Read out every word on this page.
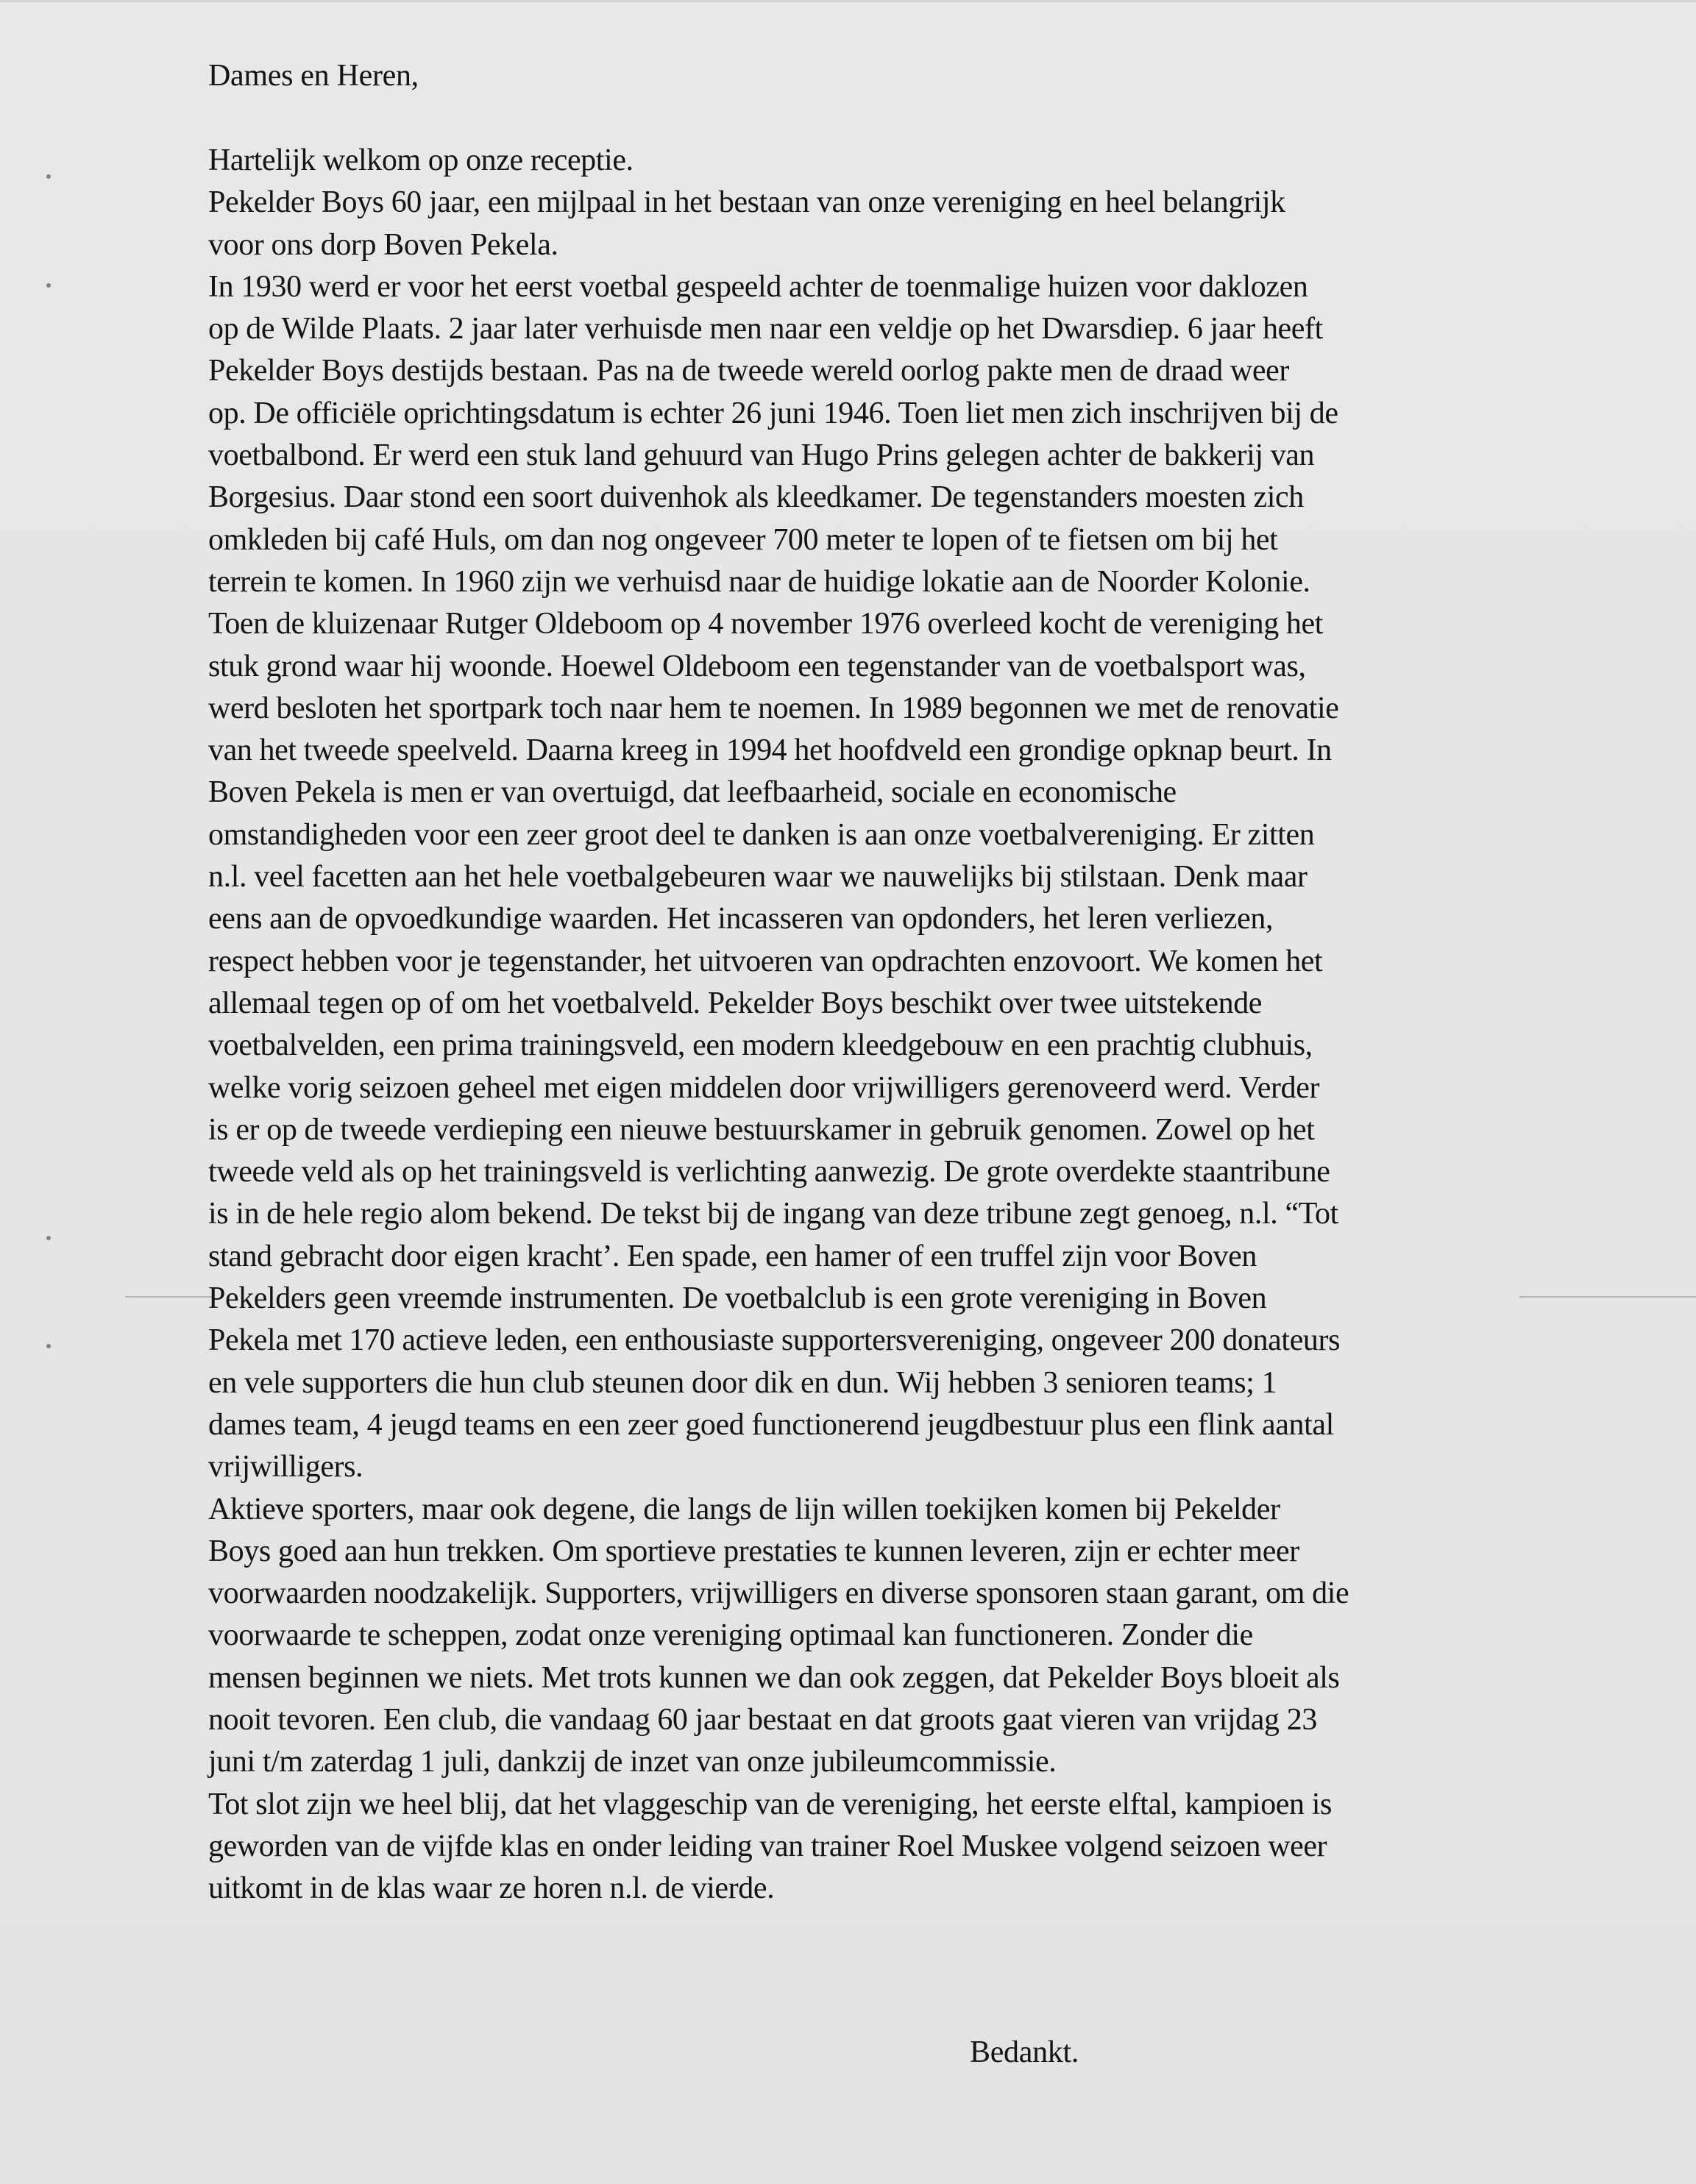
Dames en Heren,
Hartelijk welkom op onze receptie.
Pekelder Boys 60 jaar, een mijlpaal in het bestaan van onze vereniging en heel belangrijk
voor ons dorp Boven Pekela.
In 1930 werd er voor het eerst voetbal gespeeld achter de toenmalige huizen voor daklozen
op de Wilde Plaats. 2 jaar later verhuisde men naar een veldje op het Dwarsdiep. 6 jaar heeft
Pekelder Boys destijds bestaan. Pas na de tweede wereld oorlog pakte men de draad weer
op. De officiële oprichtingsdatum is echter 26 juni 1946. Toen liet men zich inschrijven bij de
voetbalbond. Er werd een stuk land gehuurd van Hugo Prins gelegen achter de bakkerij van
Borgesius. Daar stond een soort duivenhok als kleedkamer. De tegenstanders moesten zich
omkleden bij café Huls, om dan nog ongeveer 700 meter te lopen of te fietsen om bij het
terrein te komen. In 1960 zijn we verhuisd naar de huidige lokatie aan de Noorder Kolonie.
Toen de kluizenaar Rutger Oldeboom op 4 november 1976 overleed kocht de vereniging het
stuk grond waar hij woonde. Hoewel Oldeboom een tegenstander van de voetbalsport was,
werd besloten het sportpark toch naar hem te noemen. In 1989 begonnen we met de renovatie
van het tweede speelveld. Daarna kreeg in 1994 het hoofdveld een grondige opknap beurt. In
Boven Pekela is men er van overtuigd, dat leefbaarheid, sociale en economische
omstandigheden voor een zeer groot deel te danken is aan onze voetbalvereniging. Er zitten
n.l. veel facetten aan het hele voetbalgebeuren waar we nauwelijks bij stilstaan. Denk maar
eens aan de opvoedkundige waarden. Het incasseren van opdonders, het leren verliezen,
respect hebben voor je tegenstander, het uitvoeren van opdrachten enzovoort. We komen het
allemaal tegen op of om het voetbalveld. Pekelder Boys beschikt over twee uitstekende
voetbalvelden, een prima trainingsveld, een modern kleedgebouw en een prachtig clubhuis,
welke vorig seizoen geheel met eigen middelen door vrijwilligers gerenoveerd werd. Verder
is er op de tweede verdieping een nieuwe bestuurskamer in gebruik genomen. Zowel op het
tweede veld als op het trainingsveld is verlichting aanwezig. De grote overdekte staantribune
is in de hele regio alom bekend. De tekst bij de ingang van deze tribune zegt genoeg, n.l. “Tot
stand gebracht door eigen kracht’. Een spade, een hamer of een truffel zijn voor Boven
Pekelders geen vreemde instrumenten. De voetbalclub is een grote vereniging in Boven
Pekela met 170 actieve leden, een enthousiaste supportersvereniging, ongeveer 200 donateurs
en vele supporters die hun club steunen door dik en dun. Wij hebben 3 senioren teams; 1
dames team, 4 jeugd teams en een zeer goed functionerend jeugdbestuur plus een flink aantal
vrijwilligers.
Aktieve sporters, maar ook degene, die langs de lijn willen toekijken komen bij Pekelder
Boys goed aan hun trekken. Om sportieve prestaties te kunnen leveren, zijn er echter meer
voorwaarden noodzakelijk. Supporters, vrijwilligers en diverse sponsoren staan garant, om die
voorwaarde te scheppen, zodat onze vereniging optimaal kan functioneren. Zonder die
mensen beginnen we niets. Met trots kunnen we dan ook zeggen, dat Pekelder Boys bloeit als
nooit tevoren. Een club, die vandaag 60 jaar bestaat en dat groots gaat vieren van vrijdag 23
juni t/m zaterdag 1 juli, dankzij de inzet van onze jubileumcommissie.
Tot slot zijn we heel blij, dat het vlaggeschip van de vereniging, het eerste elftal, kampioen is
geworden van de vijfde klas en onder leiding van trainer Roel Muskee volgend seizoen weer
uitkomt in de klas waar ze horen n.l. de vierde.
Bedankt.
